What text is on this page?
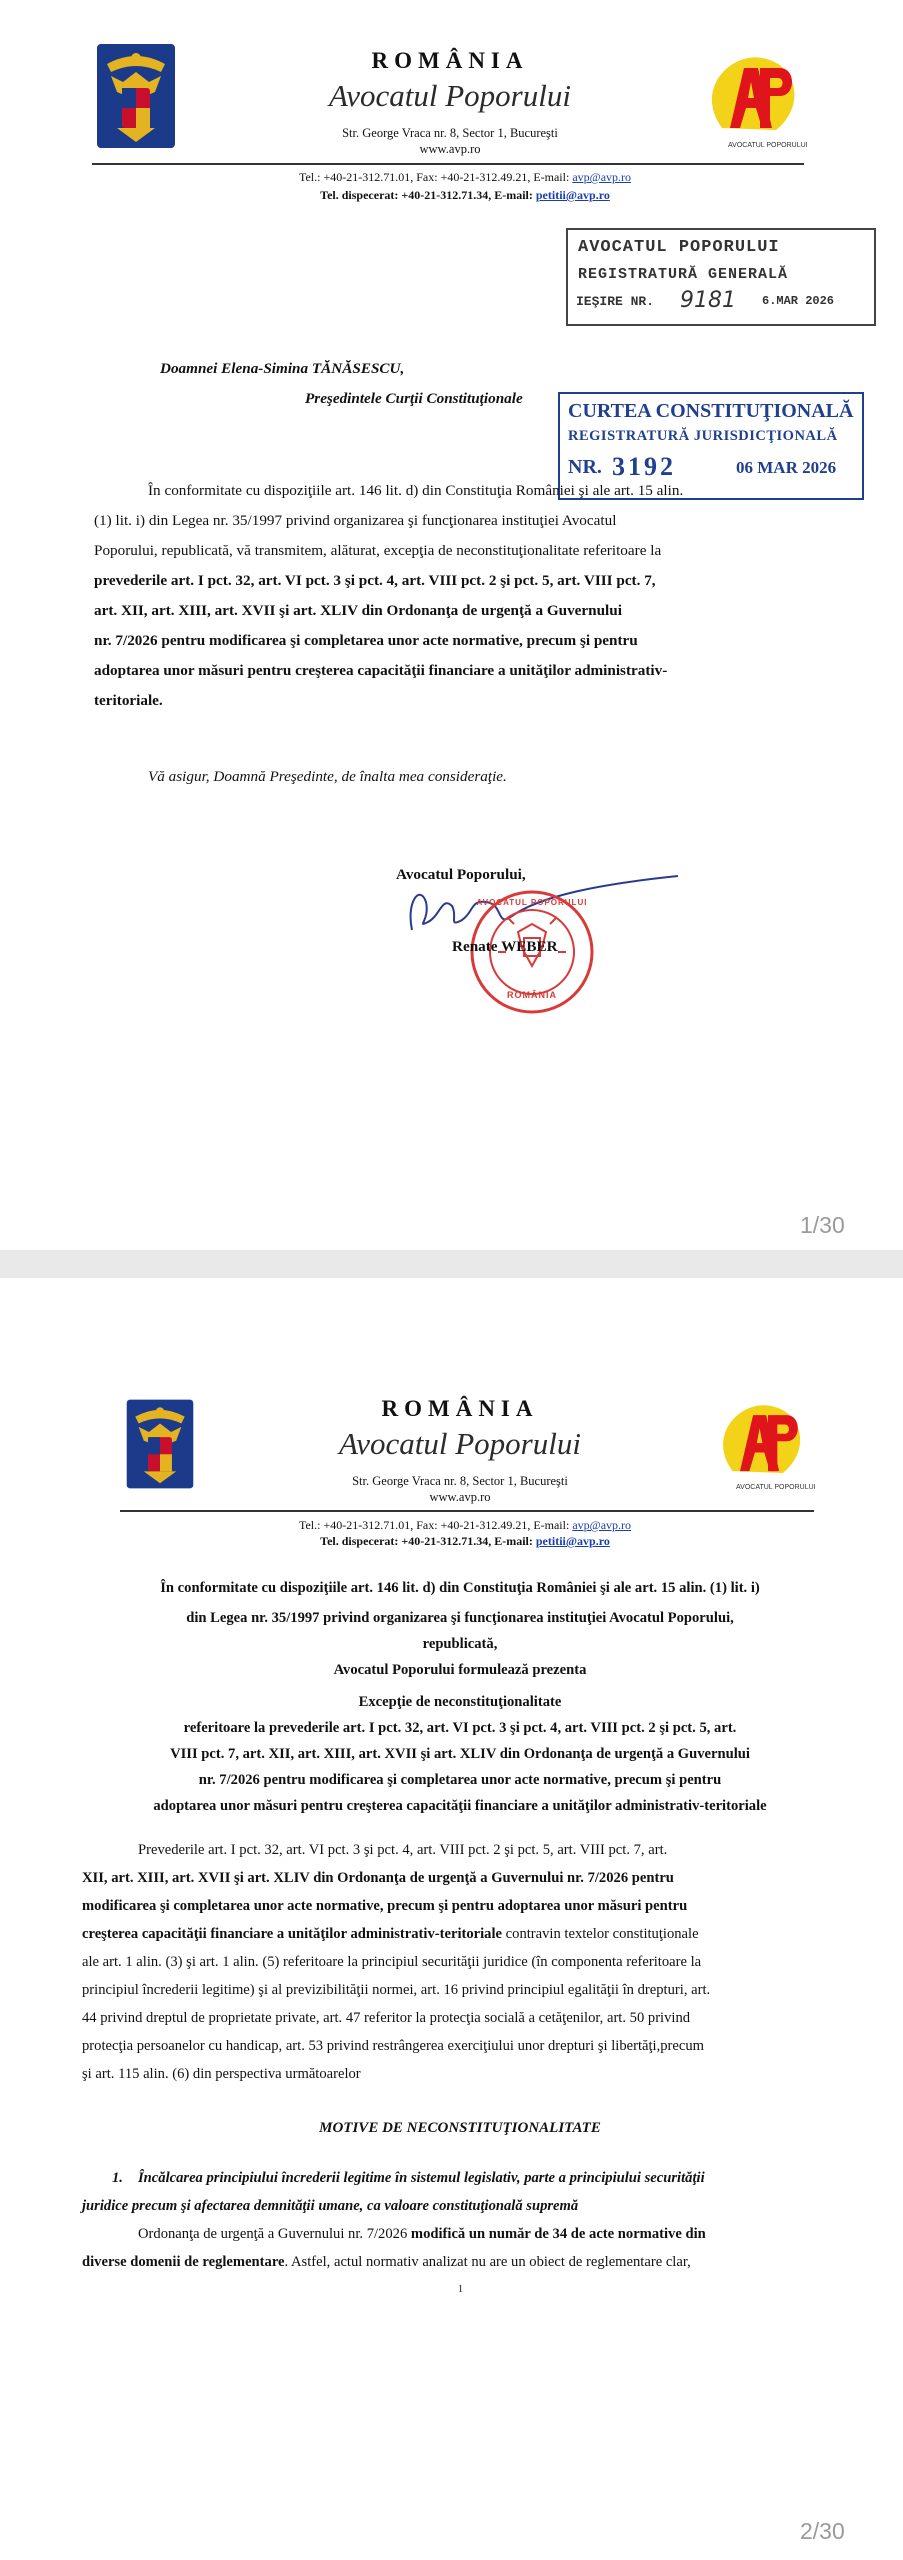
ROMÂNIA
Avocatul Poporului
Str. George Vraca nr. 8, Sector 1, Bucureşti
www.avp.ro	AVOCATUL POPORULUI
Tel.: +40-21-312.71.01, Fax: +40-21-312.49.21, E-mail: avp@avp.ro
Tel. dispecerat: +40-21-312.71.34, E-mail: petitii@avp.ro
AVOCATUL POPORULUI
REGISTRATURĂ GENERALĂ
IEŞIRE NR. 9181 6.MAR 2026
Doamnei Elena-Simina TĂNĂSESCU,
Preşedintele Curţii Constituţionale
CURTEA CONSTITUŢIONALĂ
REGISTRATURĂ JURISDICŢIONALĂ
NR. 3192	06 MAR 2026
În conformitate cu dispoziţiile art. 146 lit. d) din Constituţia României şi ale art. 15 alin.
(1) lit. i) din Legea nr. 35/1997 privind organizarea şi funcţionarea instituţiei Avocatul
Poporului, republicată, vă transmitem, alăturat, excepţia de neconstituţionalitate referitoare la
prevederile art. I pct. 32, art. VI pct. 3 şi pct. 4, art. VIII pct. 2 şi pct. 5, art. VIII pct. 7,
art. XII, art. XIII, art. XVII şi art. XLIV din Ordonanţa de urgenţă a Guvernului
nr. 7/2026 pentru modificarea şi completarea unor acte normative, precum şi pentru
adoptarea unor măsuri pentru creşterea capacităţii financiare a unităţilor administrativ-
teritoriale.
Vă asigur, Doamnă Preşedinte, de înalta mea consideraţie.
Avocatul Poporului,
AVOCATUL POPORULUI
ROMÂNIA
Renate WEBER
1/30
ROMÂNIA
Avocatul Poporului
Str. George Vraca nr. 8, Sector 1, Bucureşti
www.avp.ro
AVOCATUL POPORULUI
Tel.: +40-21-312.71.01, Fax: +40-21-312.49.21, E-mail: avp@avp.ro
Tel. dispecerat: +40-21-312.71.34, E-mail: petitii@avp.ro
În conformitate cu dispoziţiile art. 146 lit. d) din Constituţia României şi ale art. 15 alin. (1) lit. i)
din Legea nr. 35/1997 privind organizarea şi funcţionarea instituţiei Avocatul Poporului,
republicată,
Avocatul Poporului formulează prezenta
Excepţie de neconstituţionalitate
referitoare la prevederile art. I pct. 32, art. VI pct. 3 şi pct. 4, art. VIII pct. 2 şi pct. 5, art.
VIII pct. 7, art. XII, art. XIII, art. XVII şi art. XLIV din Ordonanţa de urgenţă a Guvernului
nr. 7/2026 pentru modificarea şi completarea unor acte normative, precum şi pentru
adoptarea unor măsuri pentru creşterea capacităţii financiare a unităţilor administrativ-teritoriale
Prevederile art. I pct. 32, art. VI pct. 3 şi pct. 4, art. VIII pct. 2 şi pct. 5, art. VIII pct. 7, art.
XII, art. XIII, art. XVII şi art. XLIV din Ordonanţa de urgenţă a Guvernului nr. 7/2026 pentru
modificarea şi completarea unor acte normative, precum şi pentru adoptarea unor măsuri pentru
creşterea capacităţii financiare a unităţilor administrativ-teritoriale contravin textelor constituţionale
ale art. 1 alin. (3) şi art. 1 alin. (5) referitoare la principiul securităţii juridice (în componenta referitoare la
principiul încrederii legitime) şi al previzibilităţii normei, art. 16 privind principiul egalităţii în drepturi, art.
44 privind dreptul de proprietate private, art. 47 referitor la protecţia socială a cetăţenilor, art. 50 privind
protecţia persoanelor cu handicap, art. 53 privind restrângerea exerciţiului unor drepturi şi libertăţi,precum
şi art. 115 alin. (6) din perspectiva următoarelor
MOTIVE DE NECONSTITUŢIONALITATE
1. Încălcarea principiului încrederii legitime în sistemul legislativ, parte a principiului securităţii
juridice precum şi afectarea demnităţii umane, ca valoare constituţională supremă
Ordonanţa de urgenţă a Guvernului nr. 7/2026 modifică un număr de 34 de acte normative din
diverse domenii de reglementare. Astfel, actul normativ analizat nu are un obiect de reglementare clar,
1
2/30
